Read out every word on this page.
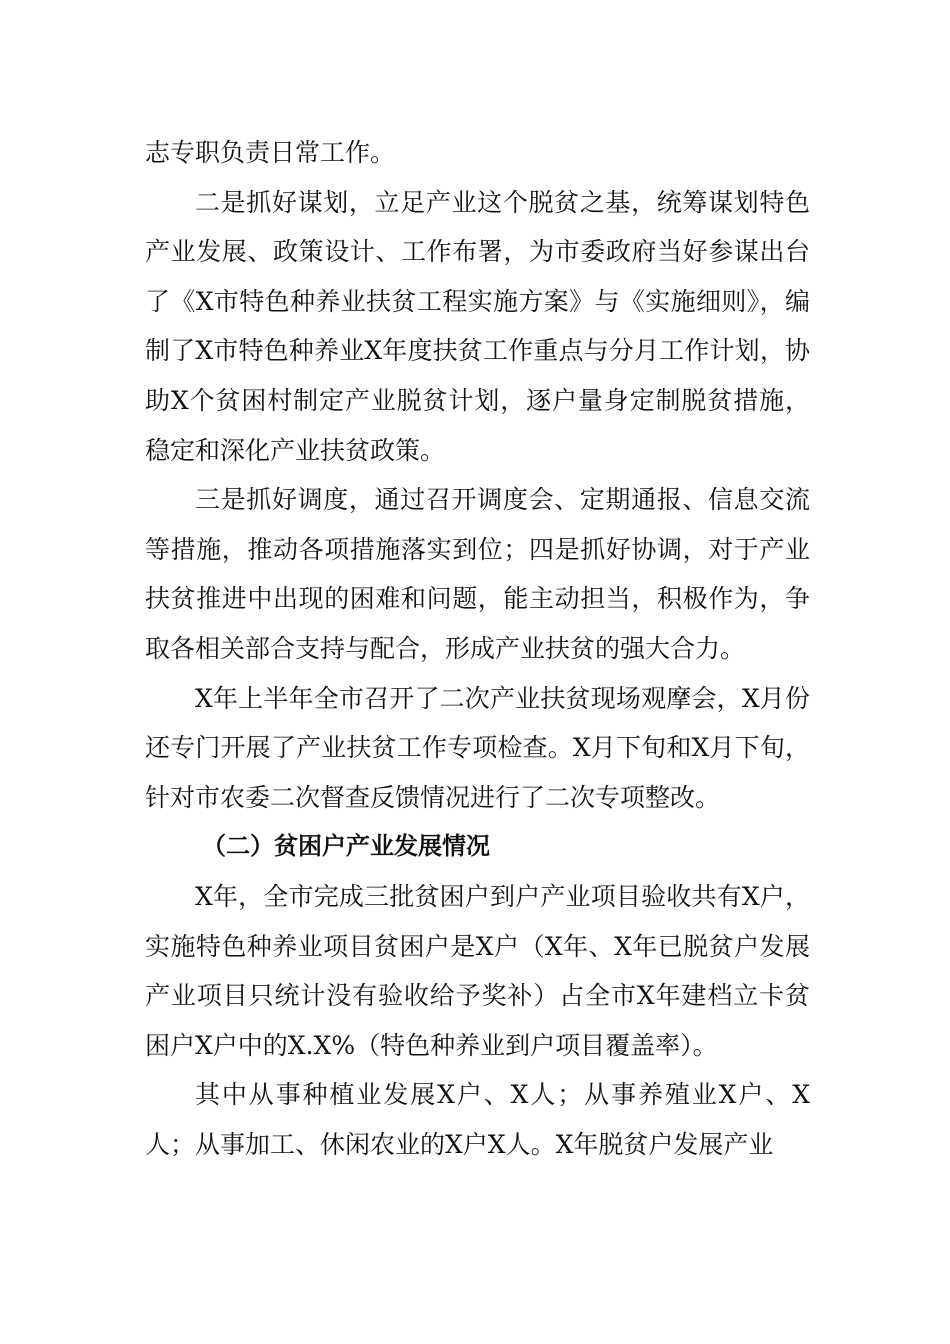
志专职负责日常工作。

二是抓好谋划，立足产业这个脱贫之基，统筹谋划特色产业发展、政策设计、工作布署，为市委政府当好参谋出台了《X市特色种养业扶贫工程实施方案》与《实施细则》，编制了X市特色种养业X年度扶贫工作重点与分月工作计划，协助X个贫困村制定产业脱贫计划，逐户量身定制脱贫措施，稳定和深化产业扶贫政策。

三是抓好调度，通过召开调度会、定期通报、信息交流等措施，推动各项措施落实到位；四是抓好协调，对于产业扶贫推进中出现的困难和问题，能主动担当，积极作为，争取各相关部合支持与配合，形成产业扶贫的强大合力。

X年上半年全市召开了二次产业扶贫现场观摩会，X月份还专门开展了产业扶贫工作专项检查。X月下旬和X月下旬，针对市农委二次督查反馈情况进行了二次专项整改。

（二）贫困户产业发展情况

X年，全市完成三批贫困户到户产业项目验收共有X户，实施特色种养业项目贫困户是X户（X年、X年已脱贫户发展产业项目只统计没有验收给予奖补）占全市X年建档立卡贫困户X户中的X.X%（特色种养业到户项目覆盖率）。

其中从事种植业发展X户、X人；从事养殖业X户、X人；从事加工、休闲农业的X户X人。X年脱贫户发展产业
